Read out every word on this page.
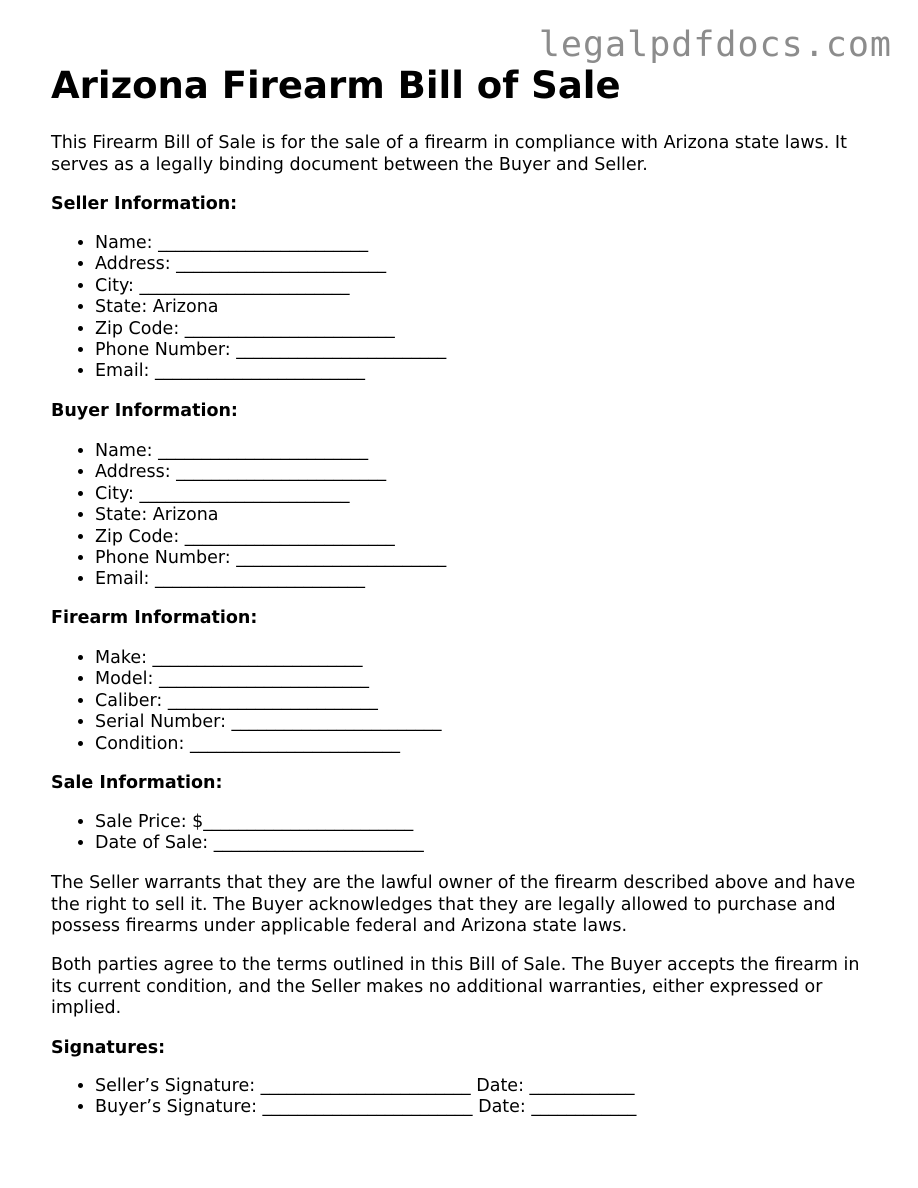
legalpdfdocs.com
Arizona Firearm Bill of Sale

This Firearm Bill of Sale is for the sale of a firearm in compliance with Arizona state laws. It serves as a legally binding document between the Buyer and Seller.

Seller Information:
• Name: ________________________
• Address: ________________________
• City: ________________________
• State: Arizona
• Zip Code: ________________________
• Phone Number: ________________________
• Email: ________________________
Buyer Information:
• Name: ________________________
• Address: ________________________
• City: ________________________
• State: Arizona
• Zip Code: ________________________
• Phone Number: ________________________
• Email: ________________________
Firearm Information:
• Make: ________________________
• Model: ________________________
• Caliber: ________________________
• Serial Number: ________________________
• Condition: ________________________
Sale Information:
• Sale Price: $________________________
• Date of Sale: ________________________

The Seller warrants that they are the lawful owner of the firearm described above and have the right to sell it. The Buyer acknowledges that they are legally allowed to purchase and possess firearms under applicable federal and Arizona state laws.

Both parties agree to the terms outlined in this Bill of Sale. The Buyer accepts the firearm in its current condition, and the Seller makes no additional warranties, either expressed or implied.

Signatures:
• Seller’s Signature: ________________________ Date: ____________
• Buyer’s Signature: ________________________ Date: ____________
